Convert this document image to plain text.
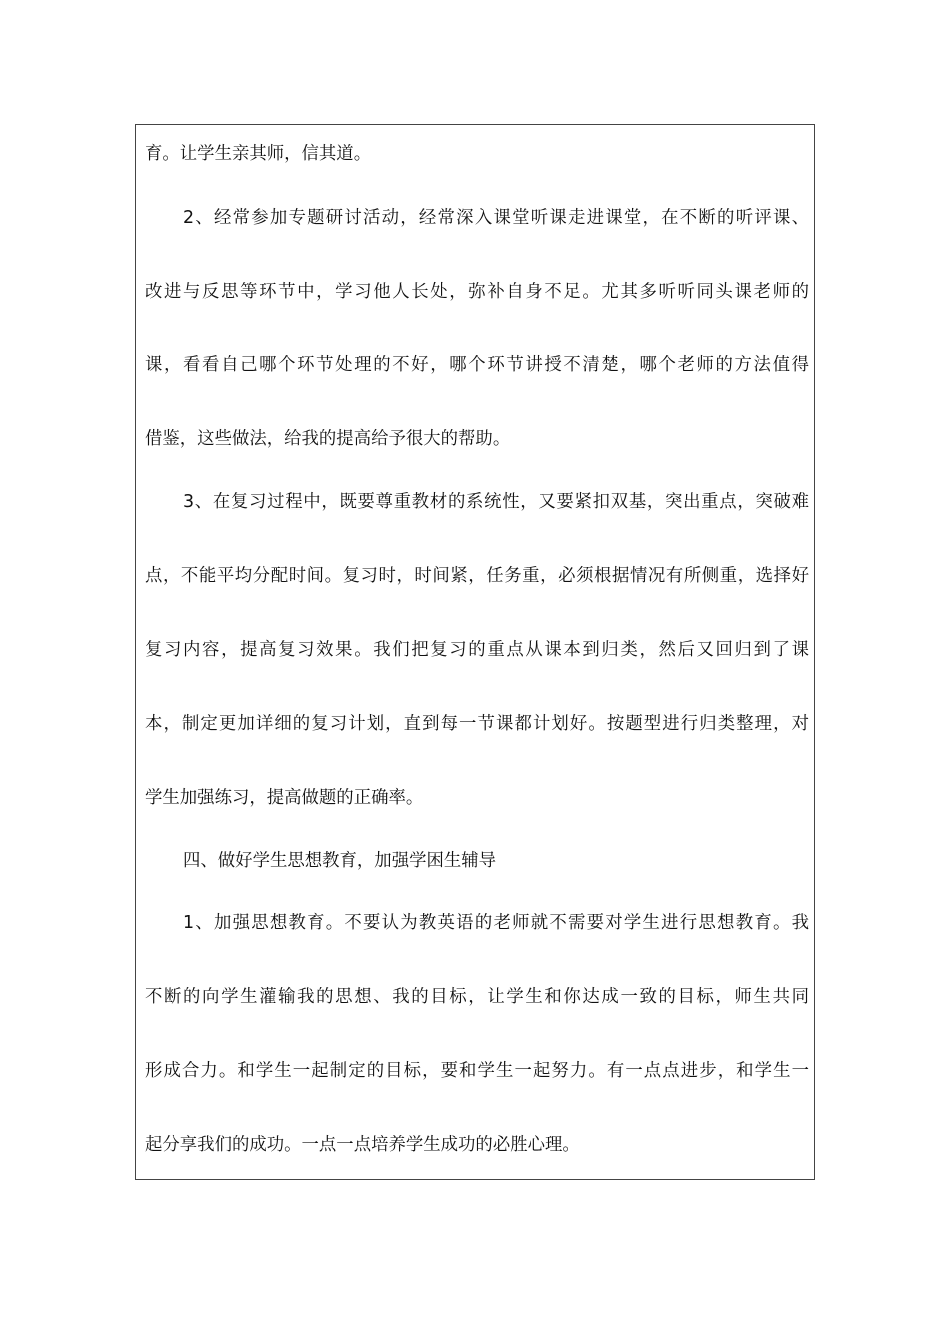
育。让学生亲其师，信其道。
2、经常参加专题研讨活动，经常深入课堂听课走进课堂，在不断的听评课、
改进与反思等环节中，学习他人长处，弥补自身不足。尤其多听听同头课老师的
课，看看自己哪个环节处理的不好，哪个环节讲授不清楚，哪个老师的方法值得
借鉴，这些做法，给我的提高给予很大的帮助。
3、在复习过程中，既要尊重教材的系统性，又要紧扣双基，突出重点，突破难
点，不能平均分配时间。复习时，时间紧，任务重，必须根据情况有所侧重，选择好
复习内容，提高复习效果。我们把复习的重点从课本到归类，然后又回归到了课
本，制定更加详细的复习计划，直到每一节课都计划好。按题型进行归类整理，对
学生加强练习，提高做题的正确率。
四、做好学生思想教育，加强学困生辅导
1、加强思想教育。不要认为教英语的老师就不需要对学生进行思想教育。我
不断的向学生灌输我的思想、我的目标，让学生和你达成一致的目标，师生共同
形成合力。和学生一起制定的目标，要和学生一起努力。有一点点进步，和学生一
起分享我们的成功。一点一点培养学生成功的必胜心理。
